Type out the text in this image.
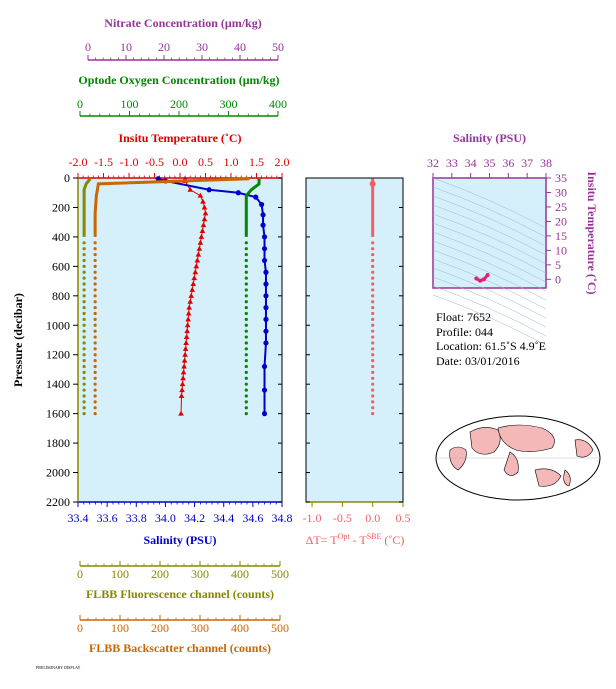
0 10 20 30 40 50
Nitrate Concentration (μm/kg)
0	100	200	300	400
Optode Oxygen Concentration (μm/kg)
-2.0 -1.5 -1.0 -0.5 0.0 0.5 1.0 1.5 2.0
Insitu Temperature (˚C)
33.4 33.6 33.8 34.0 34.2 34.4 34.6 34.8
Salinity (PSU)
0 100 200 300 400 500
FLBB Fluorescence channel (counts)
0 100 200 300 400 500
FLBB Backscatter channel (counts)
-1.0 -0.5 0.0 0.5
$\Delta T= T^{Opt} - T^{SBE}$ (˚C)
0
200
400
600
800
1000
1200
1400
1600
1800
2000
2200
Pressure (decibar)
32 33 34 35 36 37 38
Salinity (PSU)
0
5
10
15
20
25
30
35 Insitu Temperature (˚C)
Float: 7652
Profile: 044
Location: 61.5˚S 4.9˚E
Date: 03/01/2016
PRELIMINARY DISPLAY
